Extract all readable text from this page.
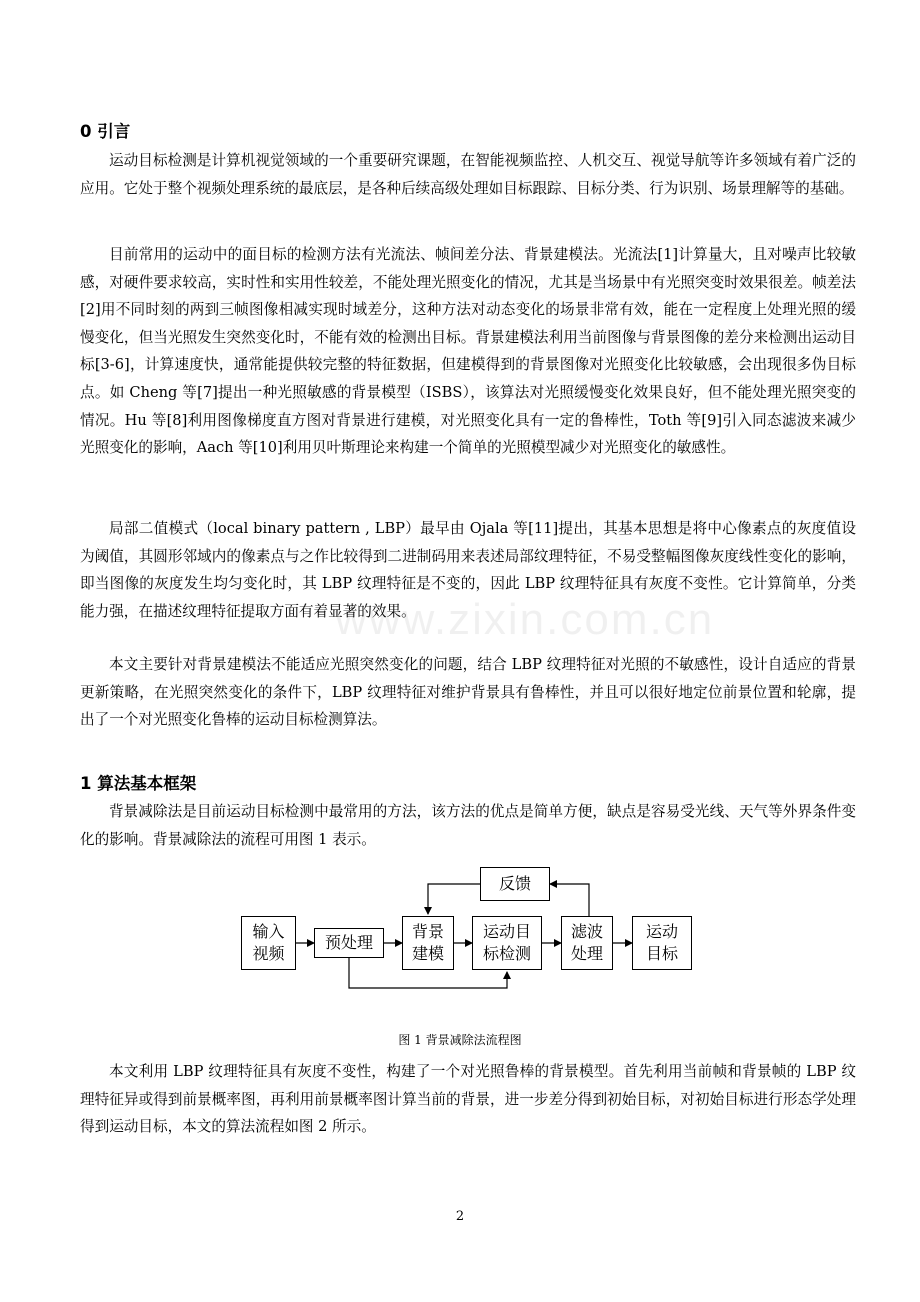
0 引言

运动目标检测是计算机视觉领域的一个重要研究课题，在智能视频监控、人机交互、视觉导航等许多领域有着广泛的应用。它处于整个视频处理系统的最底层，是各种后续高级处理如目标跟踪、目标分类、行为识别、场景理解等的基础。

目前常用的运动中的面目标的检测方法有光流法、帧间差分法、背景建模法。光流法[1]计算量大，且对噪声比较敏感，对硬件要求较高，实时性和实用性较差，不能处理光照变化的情况，尤其是当场景中有光照突变时效果很差。帧差法[2]用不同时刻的两到三帧图像相减实现时域差分，这种方法对动态变化的场景非常有效，能在一定程度上处理光照的缓慢变化，但当光照发生突然变化时，不能有效的检测出目标。背景建模法利用当前图像与背景图像的差分来检测出运动目标[3-6]，计算速度快，通常能提供较完整的特征数据，但建模得到的背景图像对光照变化比较敏感，会出现很多伪目标点。如 Cheng 等[7]提出一种光照敏感的背景模型（ISBS），该算法对光照缓慢变化效果良好，但不能处理光照突变的情况。Hu 等[8]利用图像梯度直方图对背景进行建模，对光照变化具有一定的鲁棒性，Toth 等[9]引入同态滤波来减少光照变化的影响，Aach 等[10]利用贝叶斯理论来构建一个简单的光照模型减少对光照变化的敏感性。

局部二值模式（local binary pattern , LBP）最早由 Ojala 等[11]提出，其基本思想是将中心像素点的灰度值设为阈值，其圆形邻域内的像素点与之作比较得到二进制码用来表述局部纹理特征，不易受整幅图像灰度线性变化的影响，即当图像的灰度发生均匀变化时，其 LBP 纹理特征是不变的，因此 LBP 纹理特征具有灰度不变性。它计算简单，分类能力强，在描述纹理特征提取方面有着显著的效果。

本文主要针对背景建模法不能适应光照突然变化的问题，结合 LBP 纹理特征对光照的不敏感性，设计自适应的背景更新策略，在光照突然变化的条件下，LBP 纹理特征对维护背景具有鲁棒性，并且可以很好地定位前景位置和轮廓，提出了一个对光照变化鲁棒的运动目标检测算法。

1 算法基本框架

背景减除法是目前运动目标检测中最常用的方法，该方法的优点是简单方便，缺点是容易受光线、天气等外界条件变化的影响。背景减除法的流程可用图 1 表示。

反馈
输入
视频
预处理
背景
建模
运动目
标检测
滤波
处理
运动
目标
图 1 背景减除法流程图

本文利用 LBP 纹理特征具有灰度不变性，构建了一个对光照鲁棒的背景模型。首先利用当前帧和背景帧的 LBP 纹理特征异或得到前景概率图，再利用前景概率图计算当前的背景，进一步差分得到初始目标，对初始目标进行形态学处理得到运动目标，本文的算法流程如图 2 所示。

2
www.zixin.com.cn
